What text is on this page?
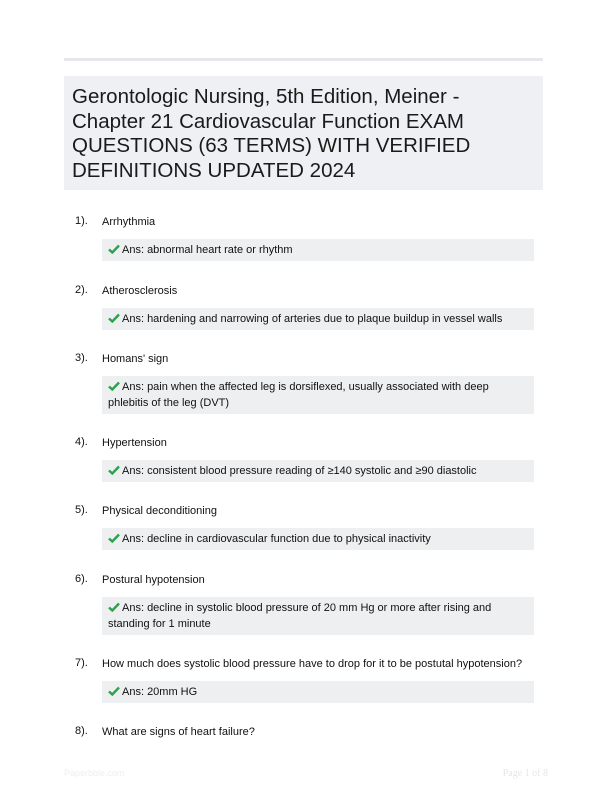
Gerontologic Nursing, 5th Edition, Meiner - Chapter 21 Cardiovascular Function EXAM QUESTIONS (63 TERMS) WITH VERIFIED DEFINITIONS UPDATED 2024
1). Arrhythmia
Ans: abnormal heart rate or rhythm
2). Atherosclerosis
Ans: hardening and narrowing of arteries due to plaque buildup in vessel walls
3). Homans' sign
Ans: pain when the affected leg is dorsiflexed, usually associated with deep phlebitis of the leg (DVT)
4). Hypertension
Ans: consistent blood pressure reading of ≥140 systolic and ≥90 diastolic
5). Physical deconditioning
Ans: decline in cardiovascular function due to physical inactivity
6). Postural hypotension
Ans: decline in systolic blood pressure of 20 mm Hg or more after rising and standing for 1 minute
7). How much does systolic blood pressure have to drop for it to be postutal hypotension?
Ans: 20mm HG
8). What are signs of heart failure?
Paperbble.com	Page 1 of 8
